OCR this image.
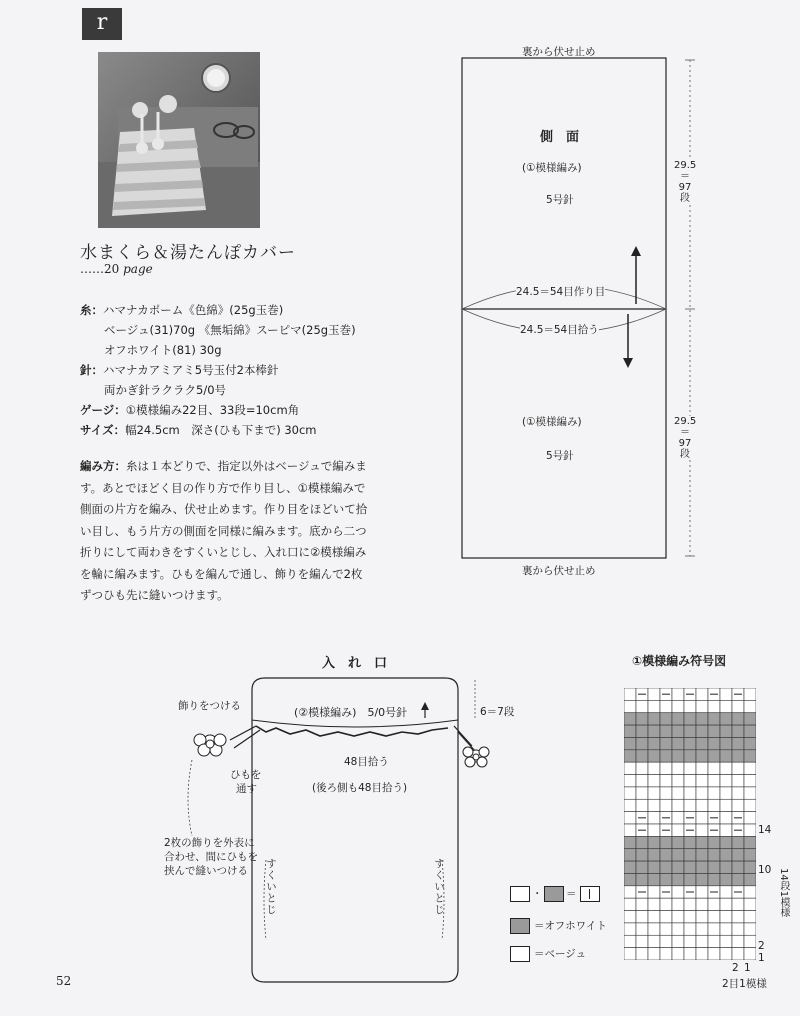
r
水まくら＆湯たんぽカバー
……20 page
糸：ハマナカポーム《色綿》(25g玉巻)
ベージュ(31)70g 《無垢綿》スーピマ(25g玉巻)
オフホワイト(81) 30g
針：ハマナカアミアミ5号玉付2本棒針
両かぎ針ラクラク5/0号
ゲージ：①模様編み22目、33段=10cm角
サイズ：幅24.5cm　深さ(ひも下まで) 30cm
編み方：糸は１本どりで、指定以外はベージュで編みます。あとでほどく目の作り方で作り目し、①模様編みで側面の片方を編み、伏せ止めます。作り目をほどいて拾い目し、もう片方の側面を同様に編みます。底から二つ折りにして両わきをすくいとじし、入れ口に②模様編みを輪に編みます。ひもを編んで通し、飾りを編んで2枚ずつひも先に縫いつけます。
裏から伏せ止め
裏から伏せ止め
側　面
(①模様編み)
5号針
24.5＝54目作り目
24.5＝54目拾う
(①模様編み)
5号針
29.5
＝
97
段
29.5
＝
97
段
入　れ　口
(②模様編み)　5/0号針	6＝7段
48目拾う
(後ろ側も48目拾う)
飾りをつける
ひもを
通す
2枚の飾りを外表に
合わせ、間にひもを
挟んで縫いつける	すくいとじ	すくいとじ	・ ＝
＝オフホワイト
＝ベージュ
①模様編み符号図
14
10
2
1
14段1模様
2 1
2目1模様
52
